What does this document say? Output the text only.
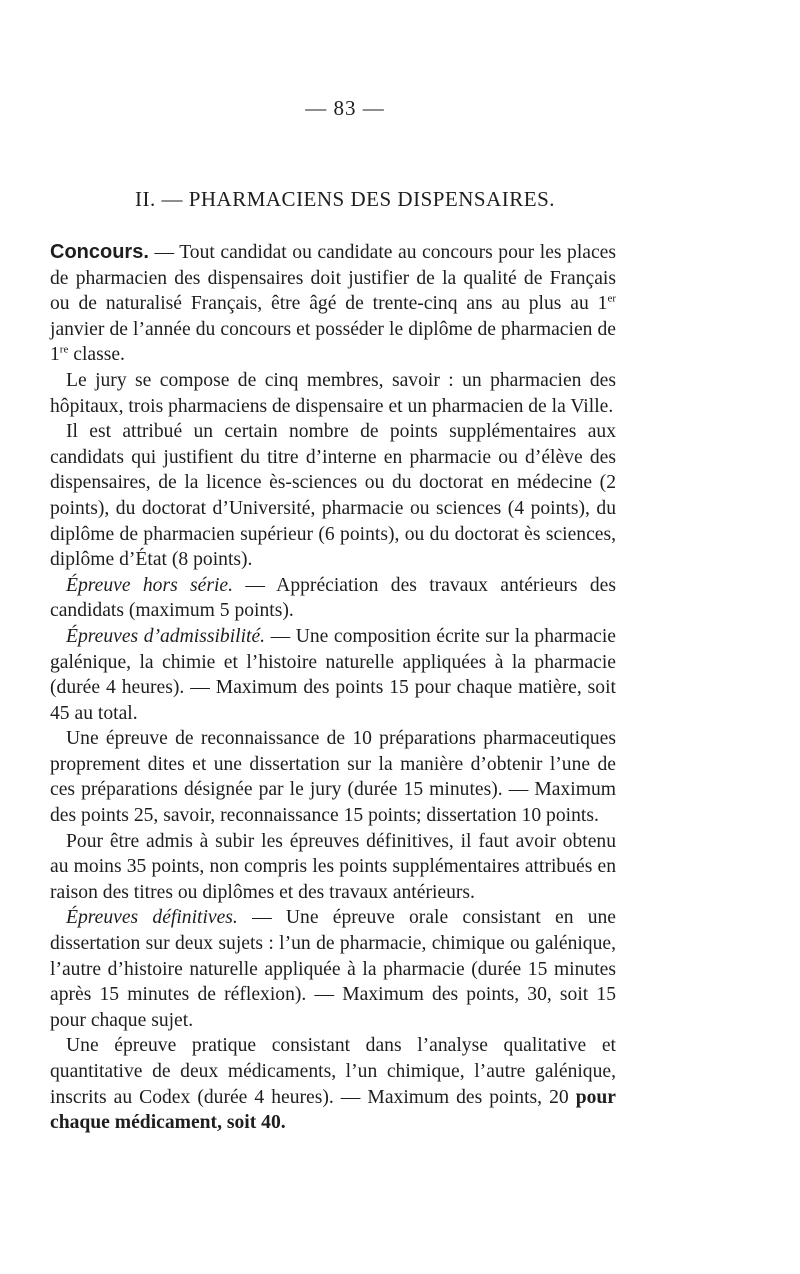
— 83 —
II. — PHARMACIENS DES DISPENSAIRES.

Concours. — Tout candidat ou candidate au concours pour les places de pharmacien des dispensaires doit justifier de la qualité de Français ou de naturalisé Français, être âgé de trente-cinq ans au plus au 1er janvier de l’année du concours et posséder le diplôme de pharmacien de 1re classe.

Le jury se compose de cinq membres, savoir : un pharmacien des hôpitaux, trois pharmaciens de dispensaire et un pharmacien de la Ville.

Il est attribué un certain nombre de points supplémentaires aux candidats qui justifient du titre d’interne en pharmacie ou d’élève des dispensaires, de la licence ès-sciences ou du doctorat en médecine (2 points), du doctorat d’Université, pharmacie ou sciences (4 points), du diplôme de pharmacien supérieur (6 points), ou du doctorat ès sciences, diplôme d’État (8 points).

Épreuve hors série. — Appréciation des travaux antérieurs des candidats (maximum 5 points).

Épreuves d’admissibilité. — Une composition écrite sur la pharmacie galénique, la chimie et l’histoire naturelle appliquées à la pharmacie (durée 4 heures). — Maximum des points 15 pour chaque matière, soit 45 au total.

Une épreuve de reconnaissance de 10 préparations pharmaceutiques proprement dites et une dissertation sur la manière d’obtenir l’une de ces préparations désignée par le jury (durée 15 minutes). — Maximum des points 25, savoir, reconnaissance 15 points; dissertation 10 points.

Pour être admis à subir les épreuves définitives, il faut avoir obtenu au moins 35 points, non compris les points supplémentaires attribués en raison des titres ou diplômes et des travaux antérieurs.

Épreuves définitives. — Une épreuve orale consistant en une dissertation sur deux sujets : l’un de pharmacie, chimique ou galénique, l’autre d’histoire naturelle appliquée à la pharmacie (durée 15 minutes après 15 minutes de réflexion). — Maximum des points, 30, soit 15 pour chaque sujet.

Une épreuve pratique consistant dans l’analyse qualitative et quantitative de deux médicaments, l’un chimique, l’autre galénique, inscrits au Codex (durée 4 heures). — Maximum des points, 20 pour chaque médicament, soit 40.
